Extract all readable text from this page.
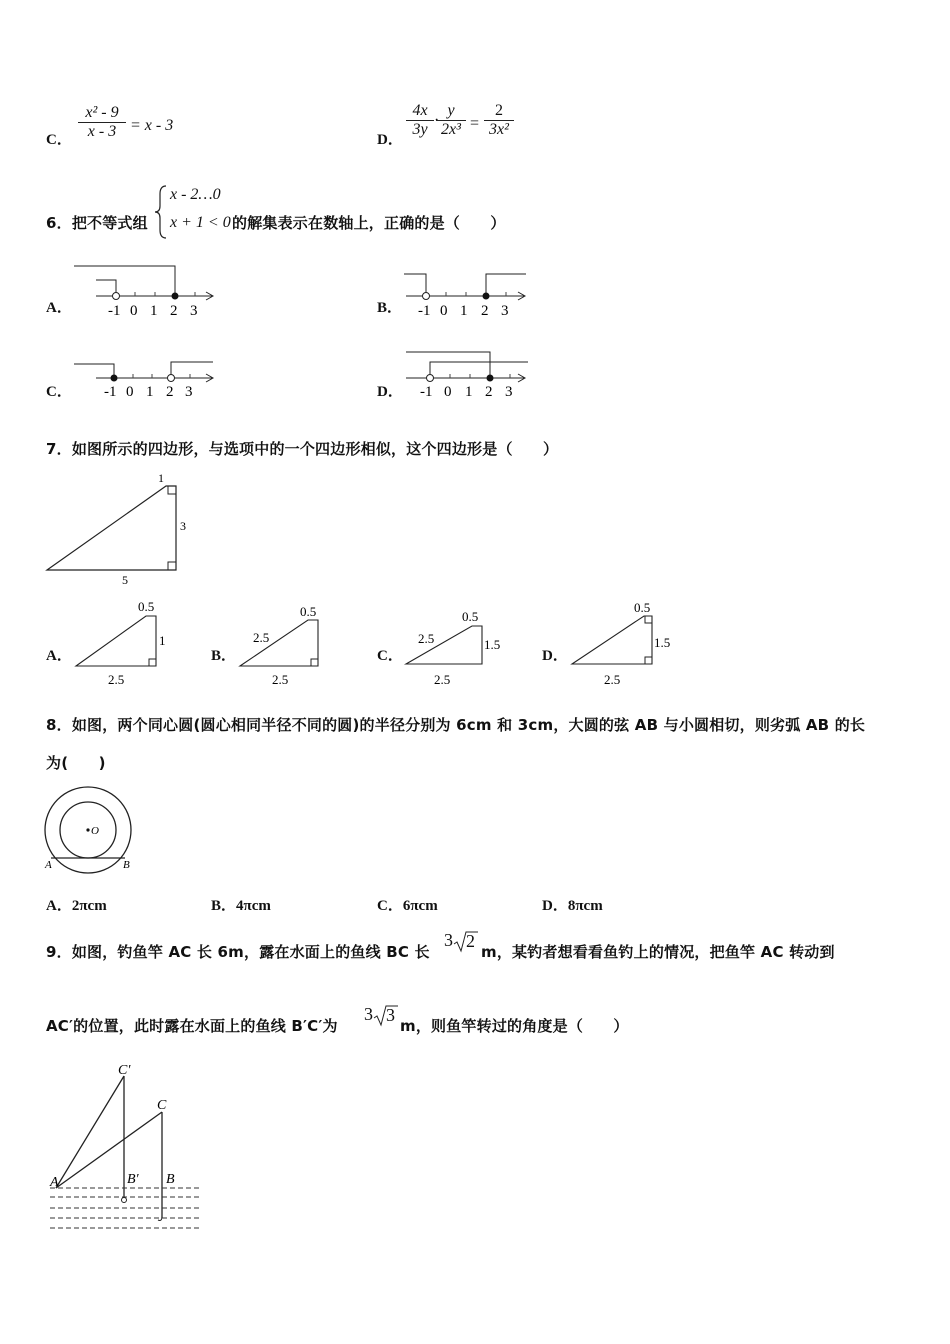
C．
x² - 9
x - 3 = x - 3
D．
4x
3y
·
y
2x³ =
2
3x²
6．把不等式组
x - 2…0
x + 1 < 0 的解集表示在数轴上，正确的是（　　）
A． -1 0 1 2 3	B． -1 0 1 2 3
C． -1 0 1 2 3	D． -1 0 1 2 3
7．如图所示的四边形，与选项中的一个四边形相似，这个四边形是（　　）
1
3
5
A．
0.5
1
2.5
B．
0.5
2.5
2.5
C．
0.5
2.5	1.5
2.5
D．
0.5
1.5
2.5
8．如图，两个同心圆(圆心相同半径不同的圆)的半径分别为 6cm 和 3cm，大圆的弦 AB 与小圆相切，则劣弧 AB 的长
为(　　)
O
A	B
A．2πcm	B．4πcm	C．6πcm	D．8πcm
9．如图，钓鱼竿 AC 长 6m，露在水面上的鱼线 BC 长
3 2
m，某钓者想看看鱼钓上的情况，把鱼竿 AC 转动到
AC′的位置，此时露在水面上的鱼线 B′C′为
3 3
m，则鱼竿转过的角度是（　　）
A
C′
C
B′ B
